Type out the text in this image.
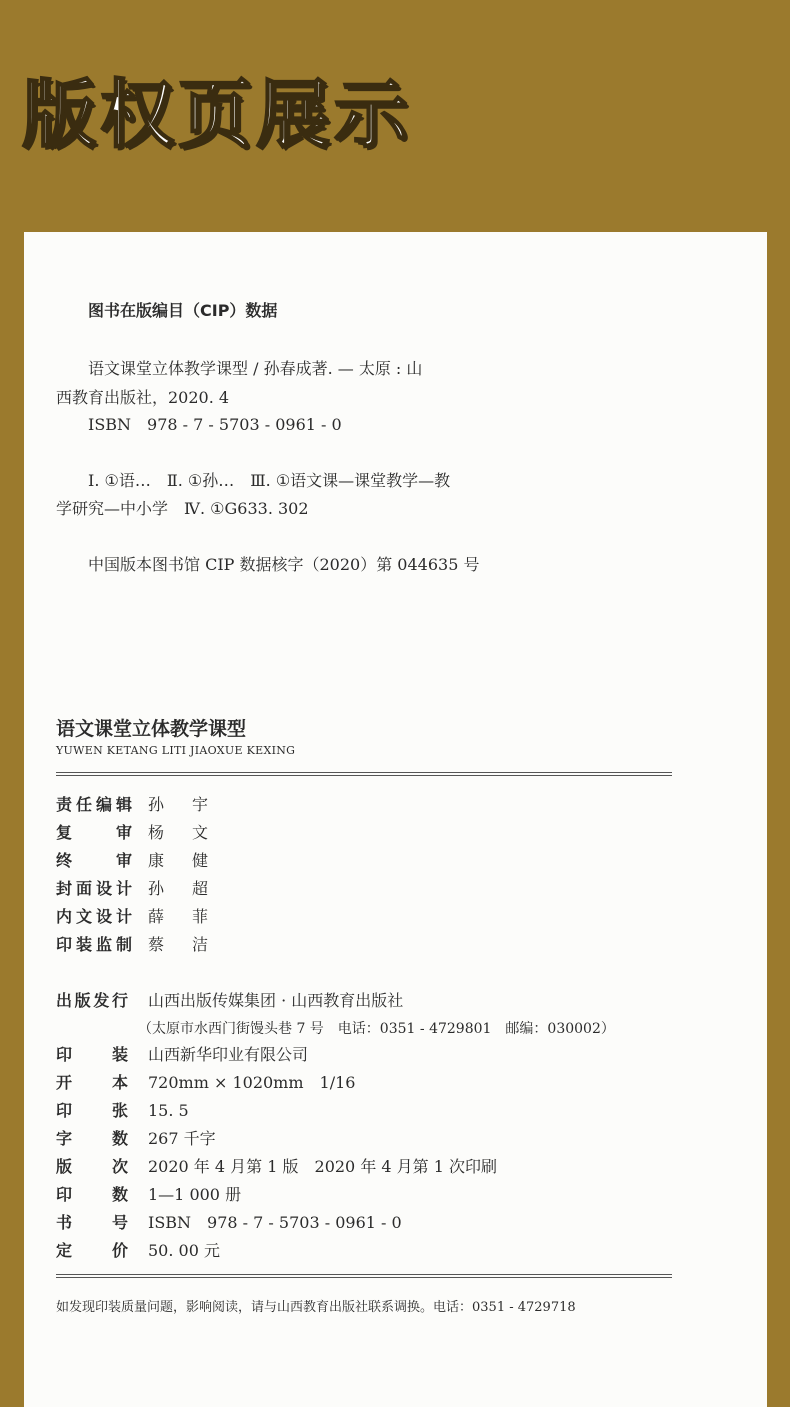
版权页展示
图书在版编目（CIP）数据
语文课堂立体教学课型 / 孙春成著. — 太原 : 山
西教育出版社，2020. 4
ISBN　978 - 7 - 5703 - 0961 - 0
Ⅰ. ①语…　Ⅱ. ①孙…　Ⅲ. ①语文课—课堂教学—教
学研究—中小学　Ⅳ. ①G633. 302
中国版本图书馆 CIP 数据核字（2020）第 044635 号
语文课堂立体教学课型
YUWEN KETANG LITI JIAOXUE KEXING
责任编辑 孙宇
复审 杨文
终审 康健
封面设计 孙超
内文设计 薛菲
印装监制 蔡洁
出版发行 山西出版传媒集团 · 山西教育出版社
（太原市水西门街馒头巷 7 号　电话：0351 - 4729801　邮编：030002）
印装 山西新华印业有限公司
开本 720mm × 1020mm　1/16
印张 15. 5
字数 267 千字
版次 2020 年 4 月第 1 版　2020 年 4 月第 1 次印刷
印数 1—1 000 册
书号 ISBN　978 - 7 - 5703 - 0961 - 0
定价 50. 00 元
如发现印装质量问题，影响阅读，请与山西教育出版社联系调换。电话：0351 - 4729718
